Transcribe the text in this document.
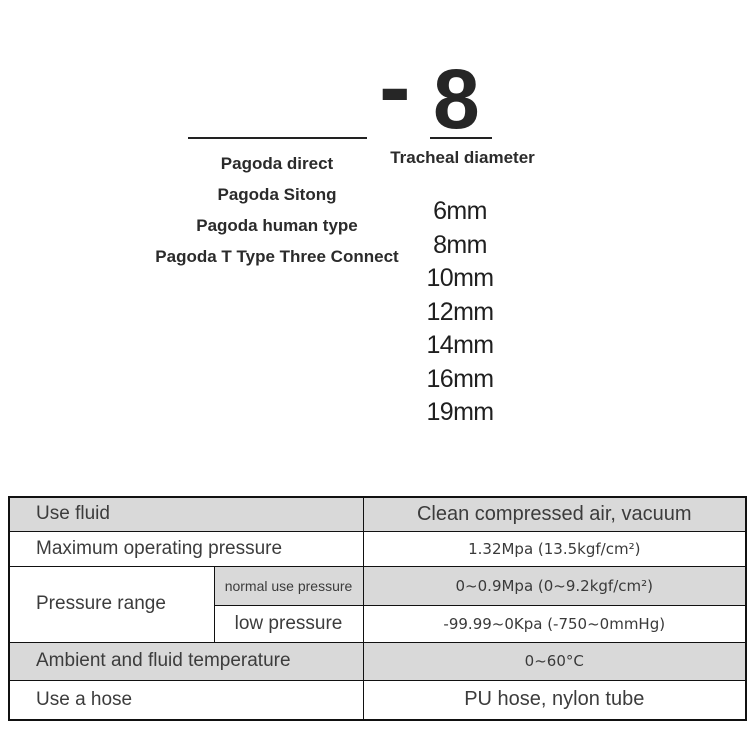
- 8
Tracheal diameter
Pagoda direct
Pagoda Sitong
Pagoda human type
Pagoda T Type Three Connect
6mm
8mm
10mm
12mm
14mm
16mm
19mm
Use fluid		Clean compressed air, vacuum
Maximum operating pressure		1.32Mpa (13.5kgf/cm²)
Pressure range	normal use pressure	0~0.9Mpa (0~9.2kgf/cm²)
	low pressure	-99.99~0Kpa (-750~0mmHg)
Ambient and fluid temperature		0~60°C
Use a hose		PU hose, nylon tube
